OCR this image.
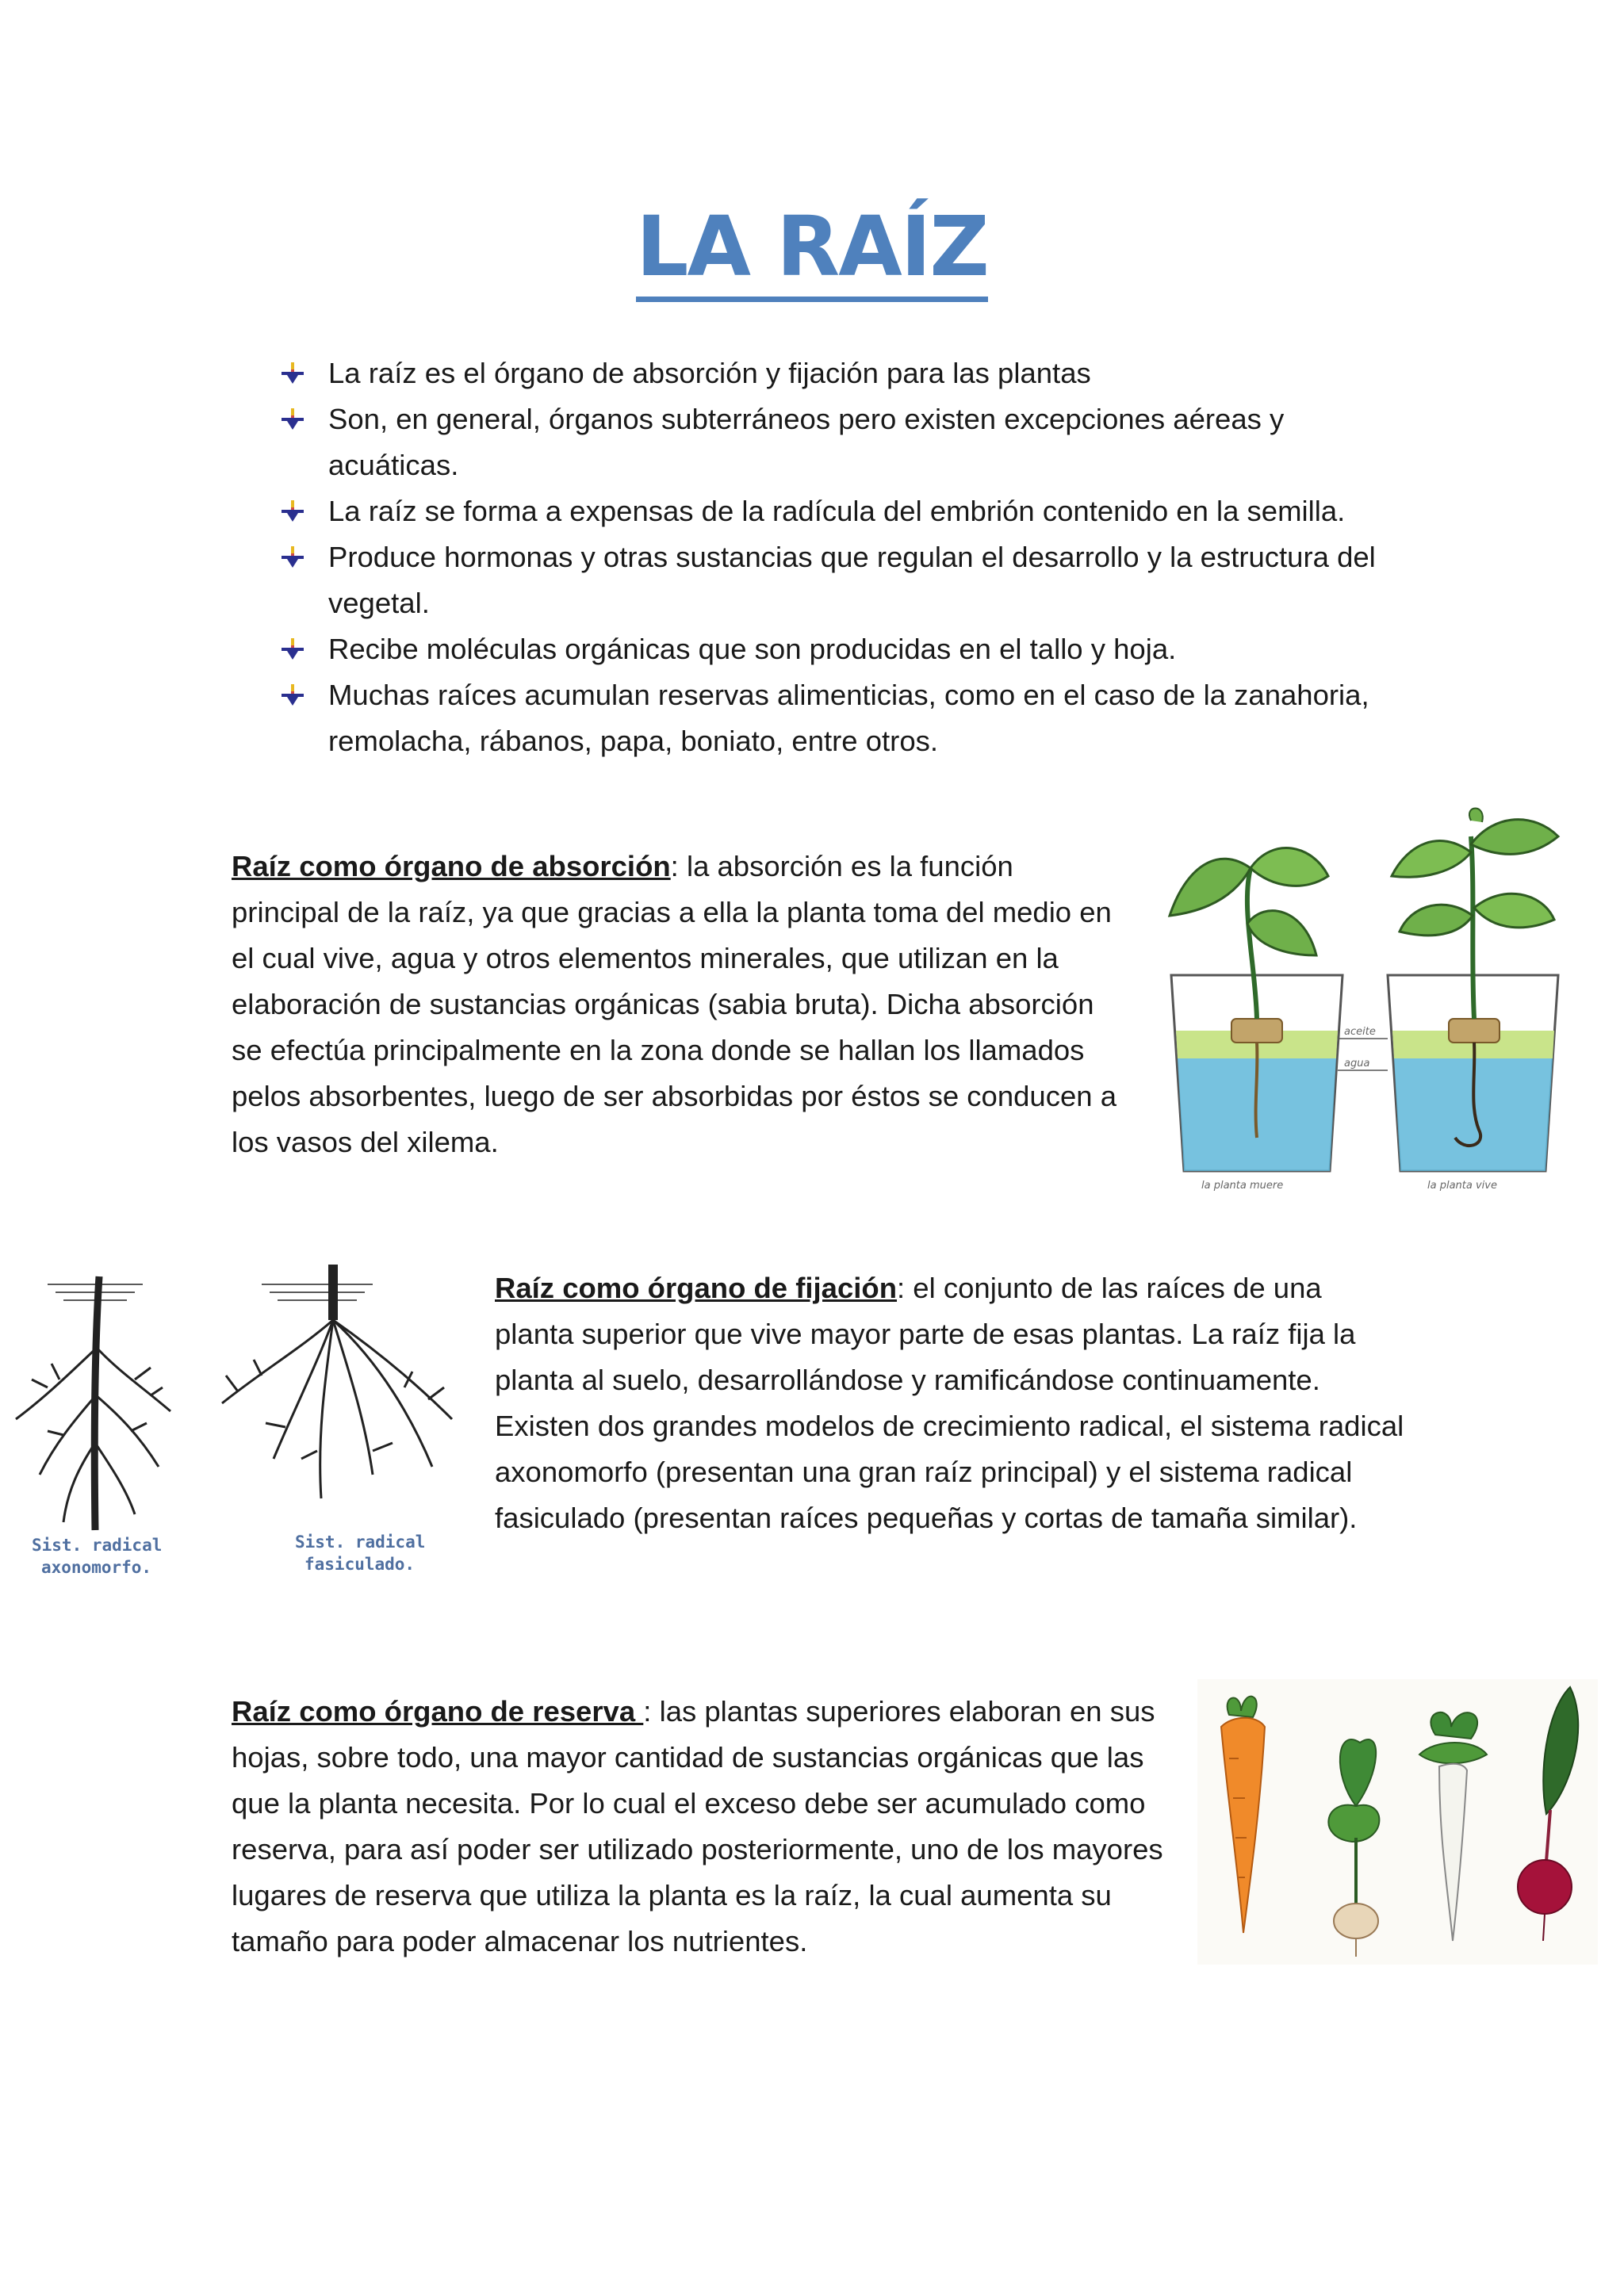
LA RAÍZ
La raíz es el órgano de absorción y fijación para las plantas
Son, en general, órganos subterráneos pero existen excepciones aéreas y acuáticas.
La raíz se forma a expensas de la radícula del embrión contenido en la semilla.
Produce hormonas y otras sustancias que regulan el desarrollo y la estructura del vegetal.
Recibe moléculas orgánicas que son producidas en el tallo y hoja.
Muchas raíces acumulan reservas alimenticias, como en el caso de la zanahoria, remolacha, rábanos, papa, boniato, entre otros.
Raíz como órgano de absorción: la absorción es la función principal de la raíz, ya que gracias a ella la planta toma del medio en el cual vive, agua y otros elementos minerales, que utilizan en la elaboración de sustancias orgánicas (sabia bruta). Dicha absorción se efectúa principalmente en la zona donde se hallan los llamados pelos absorbentes, luego de ser absorbidas por éstos se conducen a los vasos del xilema.
aceite
agua
la planta muere	la planta vive
Sist. radical
axonomorfo.
Sist. radical
fasiculado.
Raíz como órgano de fijación: el conjunto de las raíces de una planta superior que vive mayor parte de esas plantas. La raíz fija la planta al suelo, desarrollándose y ramificándose continuamente. Existen dos grandes modelos de crecimiento radical, el sistema radical axonomorfo (presentan una gran raíz principal) y el sistema radical fasiculado (presentan raíces pequeñas y cortas de tamaña similar).
Raíz como órgano de reserva : las plantas superiores elaboran en sus hojas, sobre todo, una mayor cantidad de sustancias orgánicas que las que la planta necesita. Por lo cual el exceso debe ser acumulado como reserva, para así poder ser utilizado posteriormente, uno de los mayores lugares de reserva que utiliza la planta es la raíz, la cual aumenta su tamaño para poder almacenar los nutrientes.
